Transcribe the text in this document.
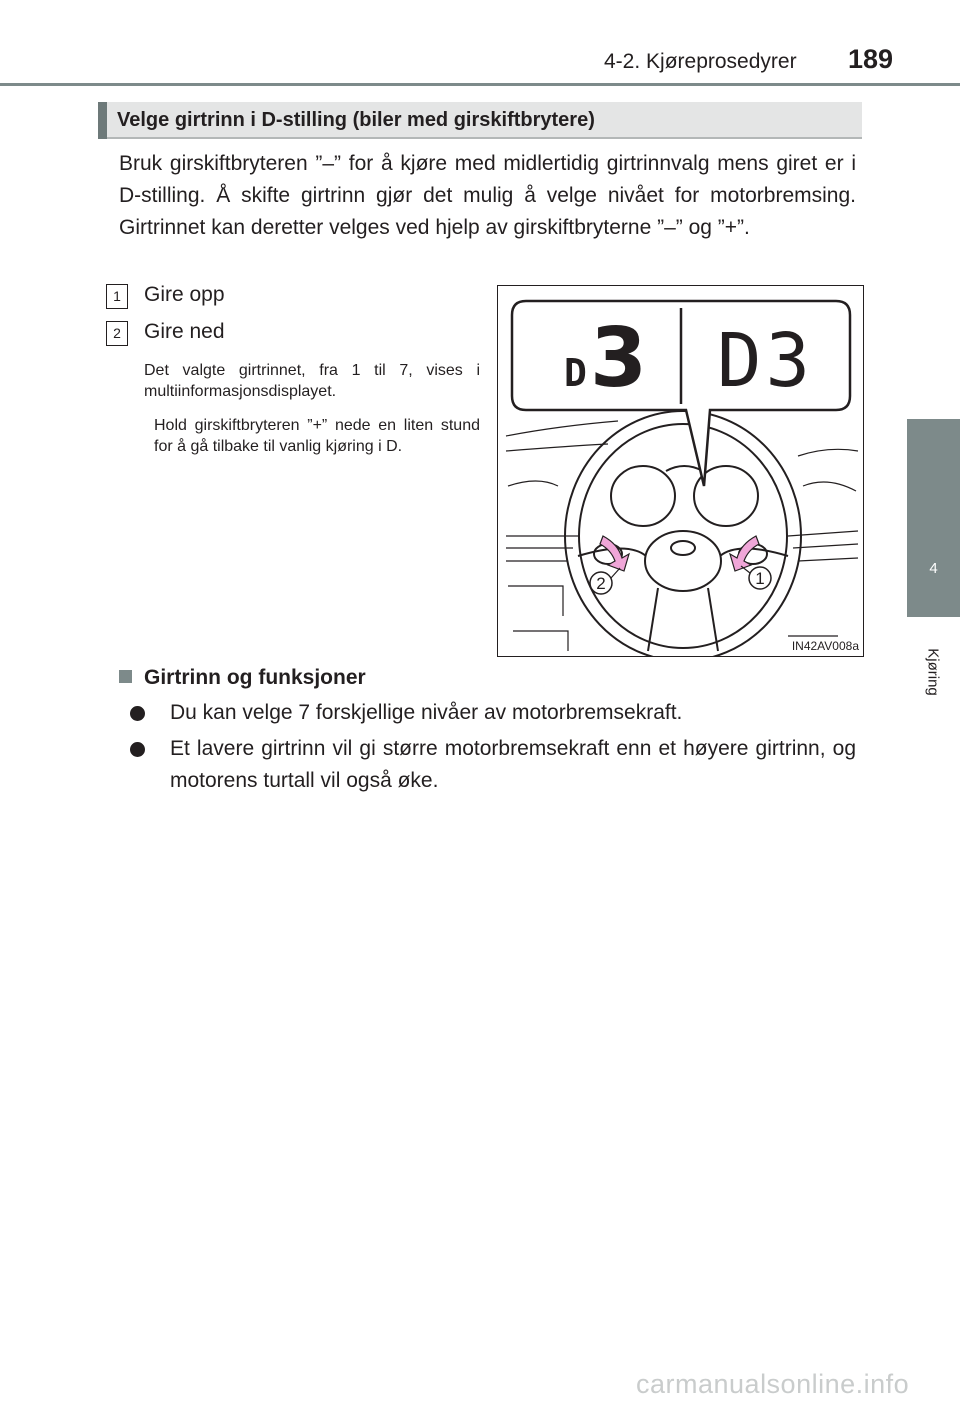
4-2. Kjøreprosedyrer 189
4
Kjøring
Velge girtrinn i D-stilling (biler med girskiftbrytere)
Bruk girskiftbryteren ”–” for å kjøre med midlertidig girtrinnvalg mens giret er i D-stilling. Å skifte girtrinn gjør det mulig å velge nivået for motorbremsing. Girtrinnet kan deretter velges ved hjelp av girskiftbryterne ”–” og ”+”.
1	Gire opp
2	Gire ned
Det valgte girtrinnet, fra 1 til 7, vises i multiinformasjonsdisplayet.
Hold girskiftbryteren ”+” nede en liten stund for å gå tilbake til vanlig kjøring i D.
D 3 D3
2	1
IN42AV008a
Girtrinn og funksjoner
Du kan velge 7 forskjellige nivåer av motorbremsekraft.
Et lavere girtrinn vil gi større motorbremsekraft enn et høyere girtrinn, og motorens turtall vil også øke.
carmanualsonline.info
